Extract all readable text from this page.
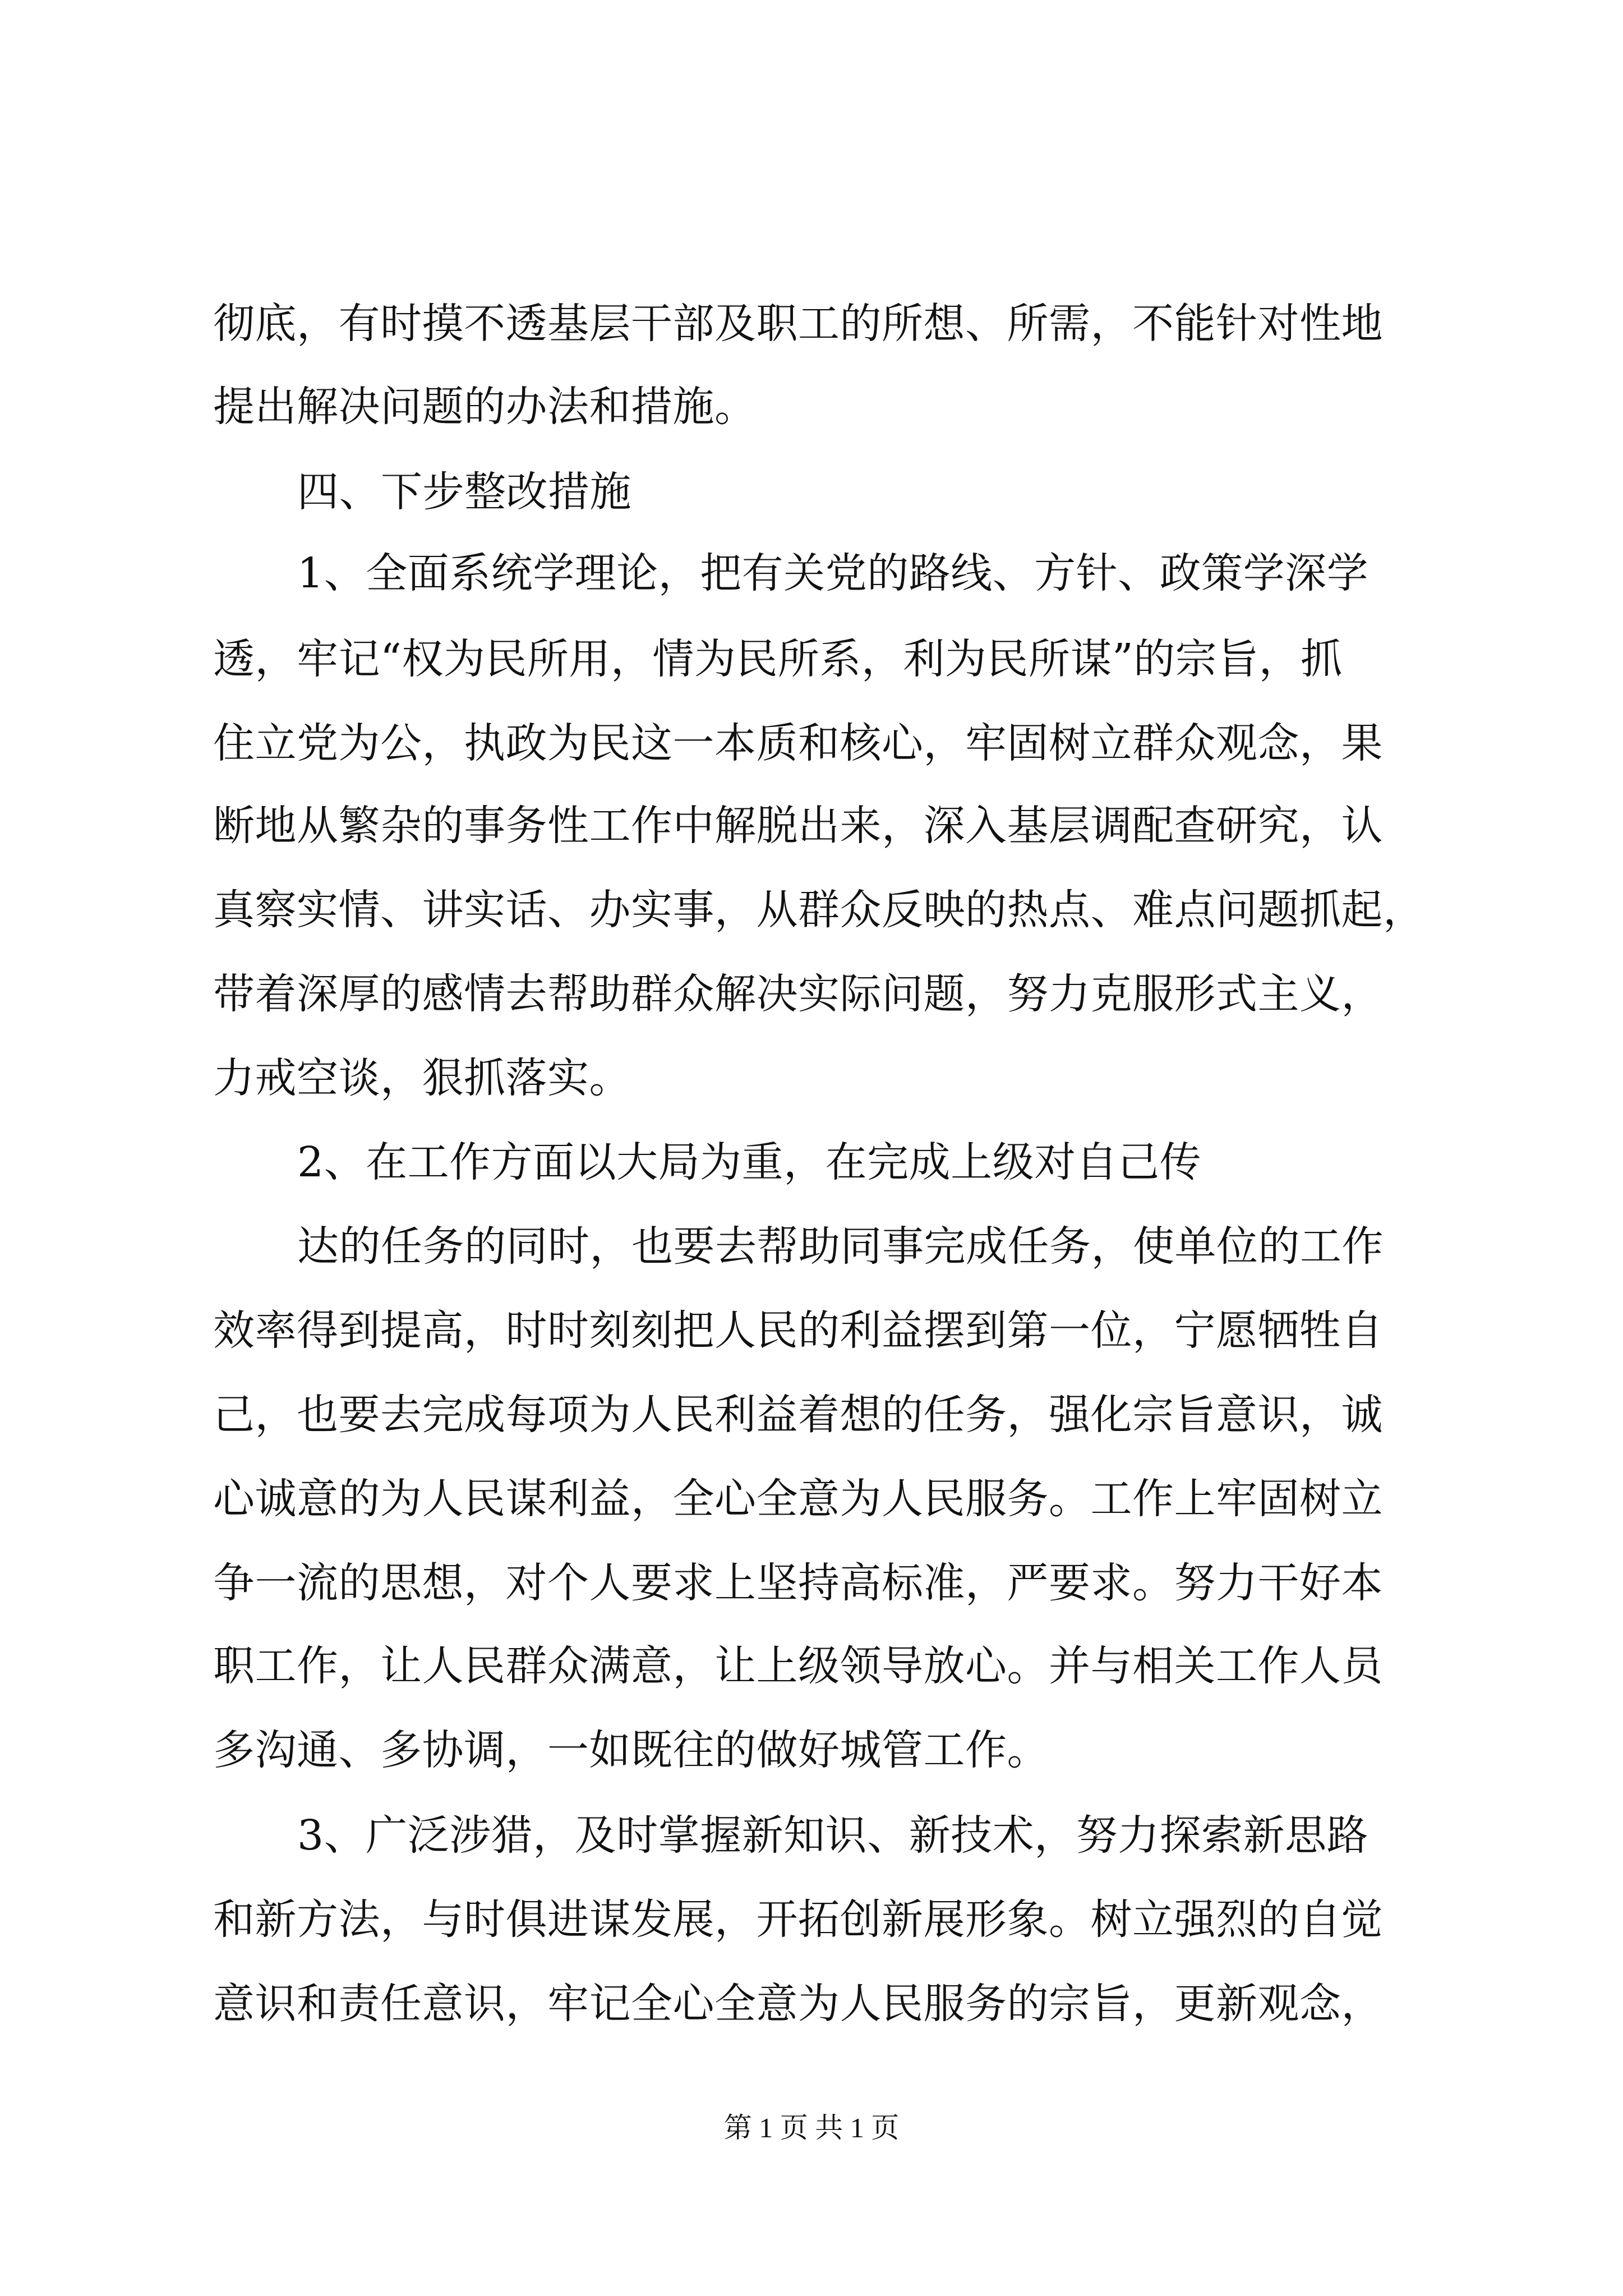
彻底，有时摸不透基层干部及职工的所想、所需，不能针对性地
提出解决问题的办法和措施。
四、下步整改措施
1、全面系统学理论，把有关党的路线、方针、政策学深学
透，牢记“权为民所用，情为民所系，利为民所谋”的宗旨，抓
住立党为公，执政为民这一本质和核心，牢固树立群众观念，果
断地从繁杂的事务性工作中解脱出来，深入基层调配查研究，认
真察实情、讲实话、办实事，从群众反映的热点、难点问题抓起，
带着深厚的感情去帮助群众解决实际问题，努力克服形式主义，
力戒空谈，狠抓落实。
2、在工作方面以大局为重，在完成上级对自己传
达的任务的同时，也要去帮助同事完成任务，使单位的工作
效率得到提高，时时刻刻把人民的利益摆到第一位，宁愿牺牲自
己，也要去完成每项为人民利益着想的任务，强化宗旨意识，诚
心诚意的为人民谋利益，全心全意为人民服务。工作上牢固树立
争一流的思想，对个人要求上坚持高标准，严要求。努力干好本
职工作，让人民群众满意，让上级领导放心。并与相关工作人员
多沟通、多协调，一如既往的做好城管工作。
3、广泛涉猎，及时掌握新知识、新技术，努力探索新思路
和新方法，与时俱进谋发展，开拓创新展形象。树立强烈的自觉
意识和责任意识，牢记全心全意为人民服务的宗旨，更新观念，
第 1 页 共 1 页
